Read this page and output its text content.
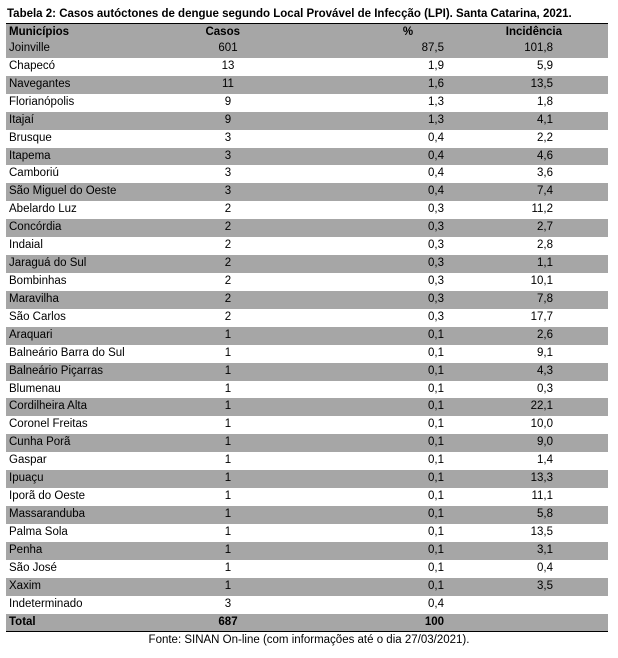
Tabela 2: Casos autóctones de dengue segundo Local Provável de Infecção (LPI). Santa Catarina, 2021.
Municípios	Casos	%	Incidência
Joinville	601	87,5	101,8
Chapecó	13	1,9	5,9
Navegantes	11	1,6	13,5
Florianópolis	9	1,3	1,8
Itajaí	9	1,3	4,1
Brusque	3	0,4	2,2
Itapema	3	0,4	4,6
Camboriú	3	0,4	3,6
São Miguel do Oeste	3	0,4	7,4
Abelardo Luz	2	0,3	11,2
Concórdia	2	0,3	2,7
Indaial	2	0,3	2,8
Jaraguá do Sul	2	0,3	1,1
Bombinhas	2	0,3	10,1
Maravilha	2	0,3	7,8
São Carlos	2	0,3	17,7
Araquari	1	0,1	2,6
Balneário Barra do Sul	1	0,1	9,1
Balneário Piçarras	1	0,1	4,3
Blumenau	1	0,1	0,3
Cordilheira Alta	1	0,1	22,1
Coronel Freitas	1	0,1	10,0
Cunha Porã	1	0,1	9,0
Gaspar	1	0,1	1,4
Ipuaçu	1	0,1	13,3
Iporã do Oeste	1	0,1	11,1
Massaranduba	1	0,1	5,8
Palma Sola	1	0,1	13,5
Penha	1	0,1	3,1
São José	1	0,1	0,4
Xaxim	1	0,1	3,5
Indeterminado	3	0,4
Total	687	100
Fonte: SINAN On-line (com informações até o dia 27/03/2021).
